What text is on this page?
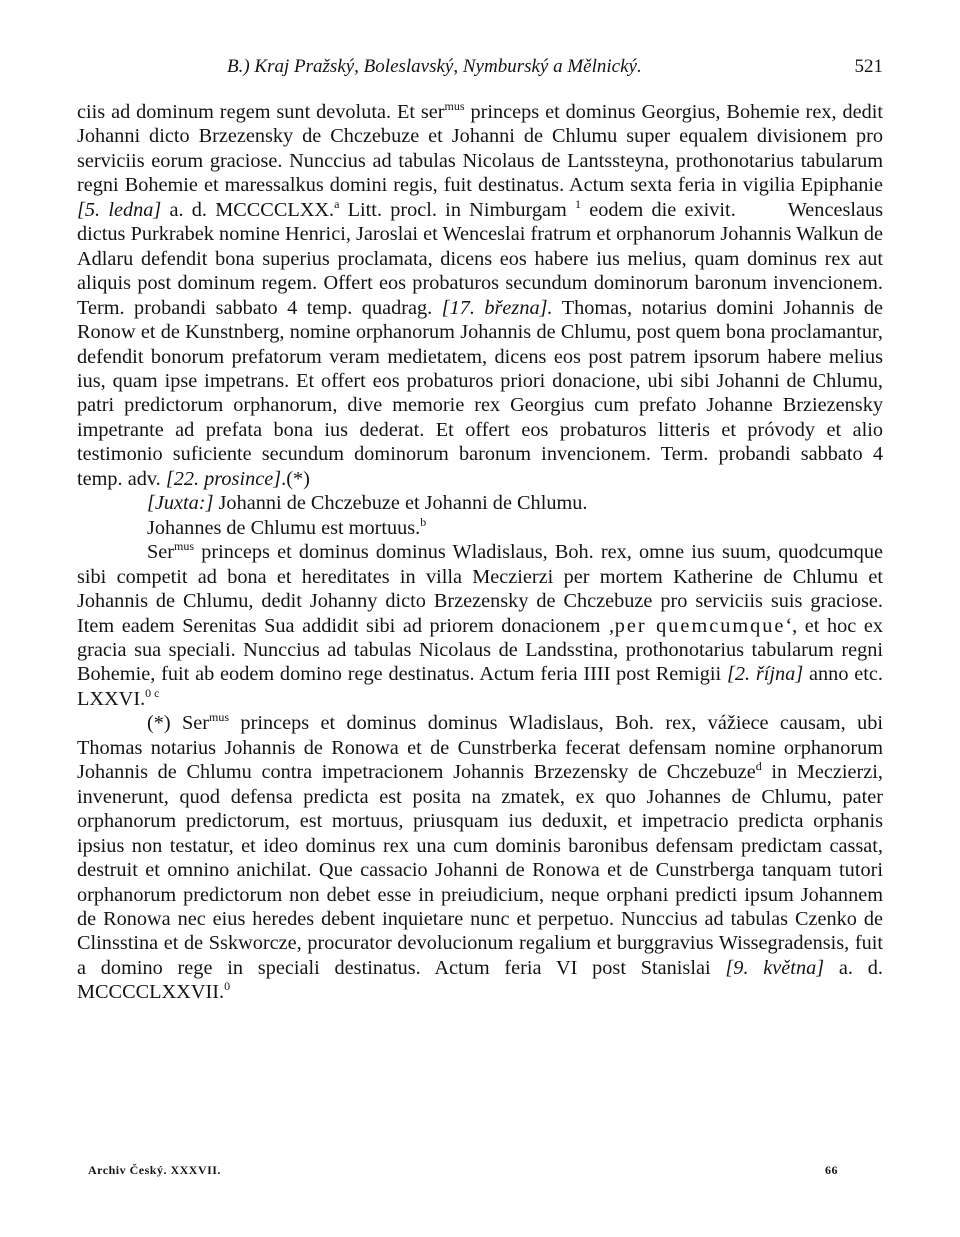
B.) Kraj Pražský, Boleslavský, Nymburský a Mělnický.	521

ciis ad dominum regem sunt devoluta. Et ser$^{mus}$ princeps et dominus Georgius, Bohemie rex, dedit Johanni dicto Brzezensky de Chczebuze et Johanni de Chlumu super equalem divisionem pro serviciis eorum graciose. Nunccius ad tabulas Nicolaus de Lantssteyna, prothonotarius tabularum regni Bohemie et maressalkus domini regis, fuit destinatus. Actum sexta feria in vigilia Epiphanie [5. ledna] a. d. MCCCCLXX.$^a$ Litt. procl. in Nimburgam $^1$ eodem die exivit.	Wenceslaus dictus Purkrabek nomine Henrici, Jaroslai et Wenceslai fratrum et orphanorum Johannis Walkun de Adlaru defendit bona superius proclamata, dicens eos habere ius melius, quam dominus rex aut aliquis post dominum regem. Offert eos probaturos secundum dominorum baronum invencionem. Term. probandi sabbato 4 temp. quadrag. [17. března]. Thomas, notarius domini Johannis de Ronow et de Kunstnberg, nomine orphanorum Johannis de Chlumu, post quem bona proclamantur, defendit bonorum prefatorum veram medietatem, dicens eos post patrem ipsorum habere melius ius, quam ipse impetrans. Et offert eos probaturos priori donacione, ubi sibi Johanni de Chlumu, patri predictorum orphanorum, dive memorie rex Georgius cum prefato Johanne Brziezensky impetrante ad prefata bona ius dederat. Et offert eos probaturos litteris et próvody et alio testimonio suficiente secundum dominorum baronum invencionem. Term. probandi sabbato 4 temp. adv. [22. prosince].(*)

[Juxta:] Johanni de Chczebuze et Johanni de Chlumu.

Johannes de Chlumu est mortuus.$^b$

Ser$^{mus}$ princeps et dominus dominus Wladislaus, Boh. rex, omne ius suum, quodcumque sibi competit ad bona et hereditates in villa Meczierzi per mortem Katherine de Chlumu et Johannis de Chlumu, dedit Johanny dicto Brzezensky de Chczebuze pro serviciis suis graciose. Item eadem Serenitas Sua addidit sibi ad priorem donacionem ‚per quemcumque‘, et hoc ex gracia sua speciali. Nunccius ad tabulas Nicolaus de Landsstina, prothonotarius tabularum regni Bohemie, fuit ab eodem domino rege destinatus. Actum feria IIII post Remigii [2. října] anno etc. LXXVI.$^{0 c}$

(*) Ser$^{mus}$ princeps et dominus dominus Wladislaus, Boh. rex, vážiece causam, ubi Thomas notarius Johannis de Ronowa et de Cunstrberka fecerat defensam nomine orphanorum Johannis de Chlumu contra impetracionem Johannis Brzezensky de Chczebuze$^d$ in Meczierzi, invenerunt, quod defensa predicta est posita na zmatek, ex quo Johannes de Chlumu, pater orphanorum predictorum, est mortuus, priusquam ius deduxit, et impetracio predicta orphanis ipsius non testatur, et ideo dominus rex una cum dominis baronibus defensam predictam cassat, destruit et omnino anichilat. Que cassacio Johanni de Ronowa et de Cunstrberga tanquam tutori orphanorum predictorum non debet esse in preiudicium, neque orphani predicti ipsum Johannem de Ronowa nec eius heredes debent inquietare nunc et perpetuo. Nunccius ad tabulas Czenko de Clinsstina et de Sskworcze, procurator devolucionum regalium et burggravius Wissegradensis, fuit a domino rege in speciali destinatus. Actum feria VI post Stanislai [9. května] a. d. MCCCCLXXVII.$^0$

Archiv Český. XXXVII.	66
